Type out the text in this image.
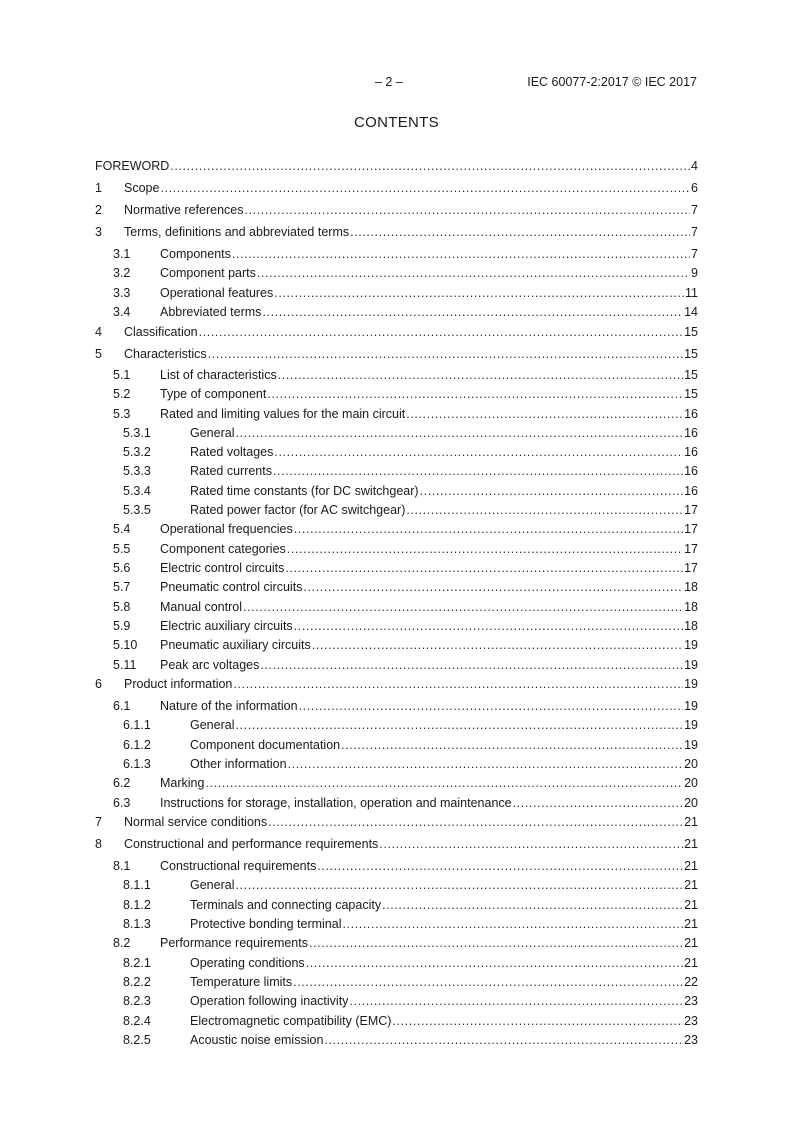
– 2 –	IEC 60077-2:2017 © IEC 2017
CONTENTS
FOREWORD .....	4
1	Scope .....	6
2	Normative references .....	7
3	Terms, definitions and abbreviated terms .....	7
3.1	Components .....	7
3.2	Component parts .....	9
3.3	Operational features .....	11
3.4	Abbreviated terms .....	14
4	Classification .....	15
5	Characteristics .....	15
5.1	List of characteristics .....	15
5.2	Type of component .....	15
5.3	Rated and limiting values for the main circuit .....	16
5.3.1	General .....	16
5.3.2	Rated voltages .....	16
5.3.3	Rated currents .....	16
5.3.4	Rated time constants (for DC switchgear) .....	16
5.3.5	Rated power factor (for AC switchgear) .....	17
5.4	Operational frequencies .....	17
5.5	Component categories .....	17
5.6	Electric control circuits .....	17
5.7	Pneumatic control circuits .....	18
5.8	Manual control .....	18
5.9	Electric auxiliary circuits .....	18
5.10	Pneumatic auxiliary circuits .....	19
5.11	Peak arc voltages .....	19
6	Product information .....	19
6.1	Nature of the information .....	19
6.1.1	General .....	19
6.1.2	Component documentation .....	19
6.1.3	Other information .....	20
6.2	Marking .....	20
6.3	Instructions for storage, installation, operation and maintenance .....	20
7	Normal service conditions .....	21
8	Constructional and performance requirements .....	21
8.1	Constructional requirements .....	21
8.1.1	General .....	21
8.1.2	Terminals and connecting capacity .....	21
8.1.3	Protective bonding terminal .....	21
8.2	Performance requirements .....	21
8.2.1	Operating conditions .....	21
8.2.2	Temperature limits .....	22
8.2.3	Operation following inactivity .....	23
8.2.4	Electromagnetic compatibility (EMC) .....	23
8.2.5	Acoustic noise emission .....	23
